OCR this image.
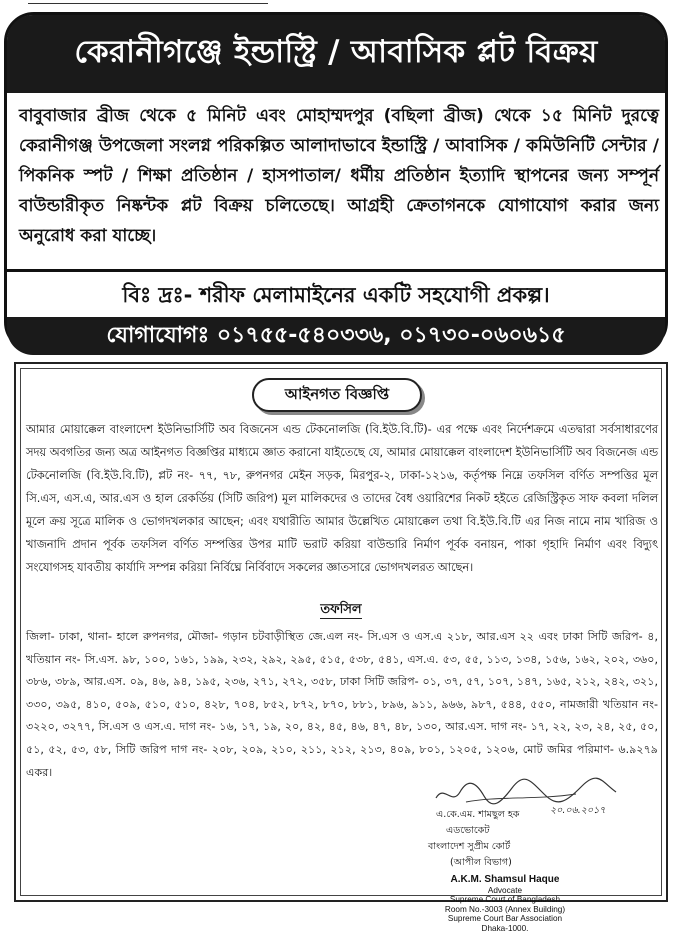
কেরানীগঞ্জে ইন্ডাস্ট্রি / আবাসিক প্লট বিক্রয়
বাবুবাজার ব্রীজ থেকে ৫ মিনিট এবং মোহাম্মদপুর (বছিলা ব্রীজ) থেকে ১৫ মিনিট দুরত্বে কেরানীগঞ্জ উপজেলা সংলগ্ন পরিকল্পিত আলাদাভাবে ইন্ডাস্ট্রি / আবাসিক / কমিউনিটি সেন্টার / পিকনিক স্পট / শিক্ষা প্রতিষ্ঠান / হাসপাতাল/ ধর্মীয় প্রতিষ্ঠান ইত্যাদি স্থাপনের জন্য সম্পূর্ন বাউন্ডারীকৃত নিষ্কন্টক প্লট বিক্রয় চলিতেছে। আগ্রহী ক্রেতাগনকে যোগাযোগ করার জন্য অনুরোধ করা যাচ্ছে।
বিঃ দ্রঃ- শরীফ মেলামাইনের একটি সহযোগী প্রকল্প।
যোগাযোগঃ ০১৭৫৫-৫৪০৩৩৬, ০১৭৩০-০৬০৬১৫
আইনগত বিজ্ঞপ্তি
আমার মোয়াক্কেল বাংলাদেশ ইউনিভার্সিটি অব বিজনেস এন্ড টেকনোলজি (বি.ইউ.বি.টি)- এর পক্ষে এবং নির্দেশক্রমে এতদ্বারা সর্বসাধারণের সদয় অবগতির জন্য অত্র আইনগত বিজ্ঞপ্তির মাধ্যমে জ্ঞাত করানো যাইতেছে যে, আমার মোয়াক্কেল বাংলাদেশ ইউনিভার্সিটি অব বিজনেজ এন্ড টেকনোলজি (বি.ইউ.বি.টি), প্লট নং- ৭৭, ৭৮, রুপনগর মেইন সড়ক, মিরপুর-২, ঢাকা-১২১৬, কর্তৃপক্ষ নিম্নে তফসিল বর্ণিত সম্পত্তির মূল সি.এস, এস.এ, আর.এস ও হাল রেকর্ডিয় (সিটি জরিপ) মূল মালিকদের ও তাদের বৈধ ওয়ারিশের নিকট হইতে রেজিস্ট্রিকৃত সাফ কবলা দলিল মূলে ক্রয় সূত্রে মালিক ও ভোগদখলকার আছেন; এবং যথারীতি আমার উল্লেখিত মোয়াক্কেল তথা বি.ইউ.বি.টি এর নিজ নামে নাম খারিজ ও খাজনাদি প্রদান পূর্বক তফসিল বর্ণিত সম্পত্তির উপর মাটি ভরাট করিয়া বাউন্ডারি নির্মাণ পূর্বক বনায়ন, পাকা গৃহাদি নির্মাণ এবং বিদ্যুৎ সংযোগসহ যাবতীয় কার্যাদি সম্পন্ন করিয়া নির্বিঘ্নে নির্বিবাদে সকলের জ্ঞাতসারে ভোগদখলরত আছেন।
তফসিল
জিলা- ঢাকা, থানা- হালে রুপনগর, মৌজা- গড়ান চটবাড়ীস্থিত জে.এল নং- সি.এস ও এস.এ ২১৮, আর.এস ২২ এবং ঢাকা সিটি জরিপ- ৪, খতিয়ান নং- সি.এস. ৯৮, ১০০, ১৬১, ১৯৯, ২৩২, ২৯২, ২৯৫, ৫১৫, ৫৩৮, ৫৪১, এস.এ. ৫৩, ৫৫, ১১৩, ১৩৪, ১৫৬, ১৬২, ২০২, ৩৬০, ৩৮৬, ৩৮৯, আর.এস. ০৯, ৪৬, ৯৪, ১৯৫, ২৩৬, ২৭১, ২৭২, ৩৫৮, ঢাকা সিটি জরিপ- ০১, ৩৭, ৫৭, ১০৭, ১৪৭, ১৬৫, ২১২, ২৪২, ৩২১, ৩৩০, ৩৯৫, ৪১০, ৫০৯, ৫১০, ৫১০, ৪২৮, ৭০৪, ৮৫২, ৮৭২, ৮৭০, ৮৮১, ৮৯৬, ৯১১, ৯৬৬, ৯৮৭, ৫৪৪, ৫৫০, নামজারী খতিয়ান নং- ৩২২০, ৩২৭৭, সি.এস ও এস.এ. দাগ নং- ১৬, ১৭, ১৯, ২০, ৪২, ৪৫, ৪৬, ৪৭, ৪৮, ১৩০, আর.এস. দাগ নং- ১৭, ২২, ২৩, ২৪, ২৫, ৫০, ৫১, ৫২, ৫৩, ৫৮, সিটি জরিপ দাগ নং- ২০৮, ২০৯, ২১০, ২১১, ২১২, ২১৩, ৪০৯, ৮০১, ১২০৫, ১২০৬, মোট জমির পরিমাণ- ৬.৯২৭৯ একর।
এ.কে.এম. শামছুল হক	২০.০৬.২০১৭
এডভোকেট
বাংলাদেশ সুপ্রীম কোর্ট
(আপীল বিভাগ)
A.K.M. Shamsul Haque
Advocate
Supreme Court of Bangladesh
Room No.-3003 (Annex Building)
Supreme Court Bar Association
Dhaka-1000.
